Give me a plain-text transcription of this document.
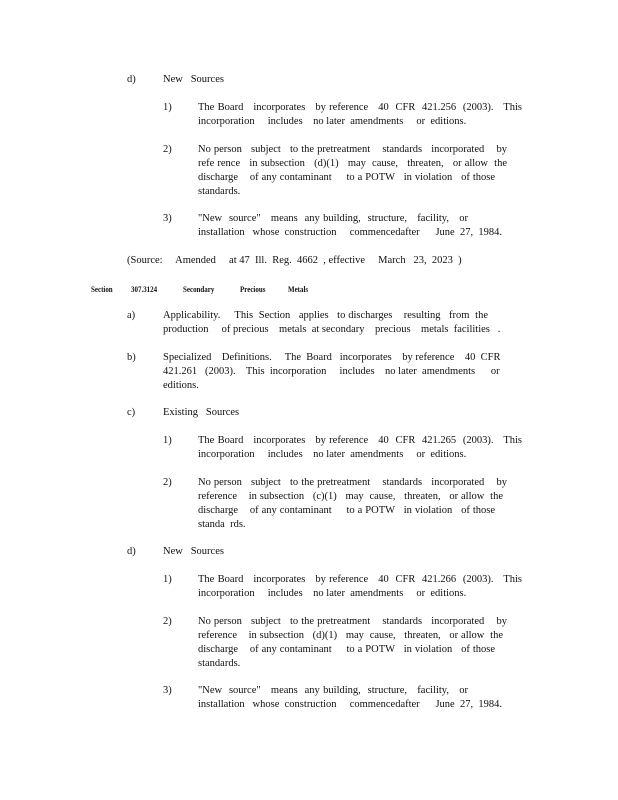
d)	New   Sources
1)	The Board   incorporates   by reference   40  CFR  421.256  (2003).   This
incorporation     includes    no later  amendments     or  editions.
2)	No person   subject   to the pretreatment    standards   incorporated    by
refe rence   in subsection   (d)(1)   may  cause,   threaten,   or allow  the
discharge    of any contaminant     to a POTW   in violation   of those
standards.
3)	"New  source"   means  any building,  structure,   facility,   or
installation   whose  construction     commencedafter      June  27,  1984.
(Source:     Amended     at 47  Ill.  Reg.  4662  , effective     March   23,  2023  )
Section 307.3124	Secondary	Precious	Metals
a)	Applicability.     This  Section   applies   to discharges    resulting   from  the
production     of precious    metals  at secondary    precious    metals  facilities   .
b)	Specialized    Definitions.     The  Board   incorporates    by reference    40  CFR
421.261   (2003).    This  incorporation     includes    no later  amendments      or
editions.
c)	Existing   Sources
1)	The Board   incorporates   by reference   40  CFR  421.265  (2003).   This
incorporation     includes    no later  amendments     or  editions.
2)	No person   subject   to the pretreatment    standards   incorporated    by
reference    in subsection   (c)(1)   may  cause,   threaten,   or allow  the
discharge    of any contaminant     to a POTW   in violation   of those
standa  rds.
d)	New   Sources
1)	The Board   incorporates   by reference   40  CFR  421.266  (2003).   This
incorporation     includes    no later  amendments     or  editions.
2)	No person   subject   to the pretreatment    standards   incorporated    by
reference    in subsection   (d)(1)   may  cause,   threaten,   or allow  the
discharge    of any contaminant     to a POTW   in violation   of those
standards.
3)	"New  source"   means  any building,  structure,   facility,   or
installation   whose  construction     commencedafter      June  27,  1984.
